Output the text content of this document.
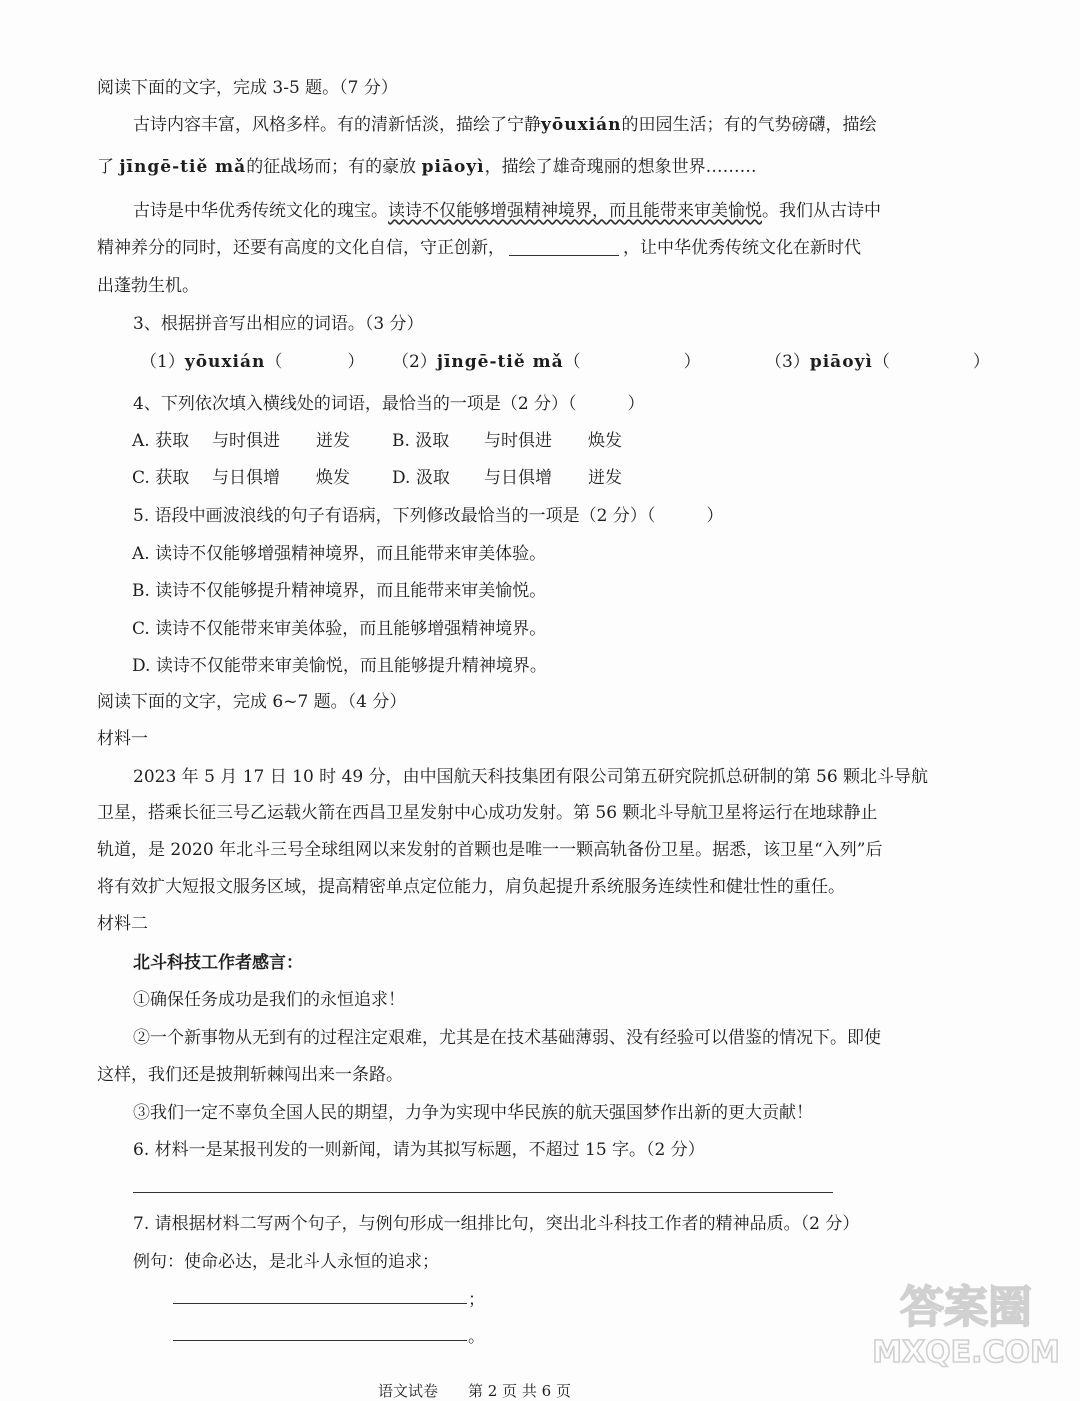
阅读下面的文字，完成 3-5 题。（7 分）
古诗内容丰富，风格多样。有的清新恬淡，描绘了宁静yōuxián的田园生活；有的气势磅礴，描绘
了 jīngē-tiě mǎ的征战场而；有的豪放 piāoyì，描绘了雄奇瑰丽的想象世界………
古诗是中华优秀传统文化的瑰宝。读诗不仅能够增强精神境界，而且能带来审美愉悦。我们从古诗中
精神养分的同时，还要有高度的文化自信，守正创新，	，让中华优秀传统文化在新时代
出蓬勃生机。
3、根据拼音写出相应的词语。（3 分）
（1）yōuxián（	） （2）jīngē-tiě mǎ（	）	（3）piāoyì（	）
4、下列依次填入横线处的词语，最恰当的一项是（2 分）（　　　）
A. 获取 与时俱进 迸发 B. 汲取 与时俱进 焕发
C. 获取 与日俱增 焕发 D. 汲取 与日俱增 迸发
5. 语段中画波浪线的句子有语病，下列修改最恰当的一项是（2 分）（　　　）
A. 读诗不仅能够增强精神境界，而且能带来审美体验。
B. 读诗不仅能够提升精神境界，而且能带来审美愉悦。
C. 读诗不仅能带来审美体验，而且能够增强精神境界。
D. 读诗不仅能带来审美愉悦，而且能够提升精神境界。
阅读下面的文字，完成 6~7 题。（4 分）
材料一
2023 年 5 月 17 日 10 时 49 分，由中国航天科技集团有限公司第五研究院抓总研制的第 56 颗北斗导航
卫星，搭乘长征三号乙运载火箭在西昌卫星发射中心成功发射。第 56 颗北斗导航卫星将运行在地球静止
轨道，是 2020 年北斗三号全球组网以来发射的首颗也是唯一一颗高轨备份卫星。据悉，该卫星“入列”后
将有效扩大短报文服务区域，提高精密单点定位能力，肩负起提升系统服务连续性和健壮性的重任。
材料二
北斗科技工作者感言：
①确保任务成功是我们的永恒追求！
②一个新事物从无到有的过程注定艰难，尤其是在技术基础薄弱、没有经验可以借鉴的情况下。即使
这样，我们还是披荆斩棘闯出来一条路。
③我们一定不辜负全国人民的期望，力争为实现中华民族的航天强国梦作出新的更大贡献！
6. 材料一是某报刊发的一则新闻，请为其拟写标题，不超过 15 字。（2 分）
7. 请根据材料二写两个句子，与例句形成一组排比句，突出北斗科技工作者的精神品质。（2 分）
例句：使命必达，是北斗人永恒的追求；
；
。
答案圈
MXQE.COM
语文试卷 第 2 页 共 6 页
